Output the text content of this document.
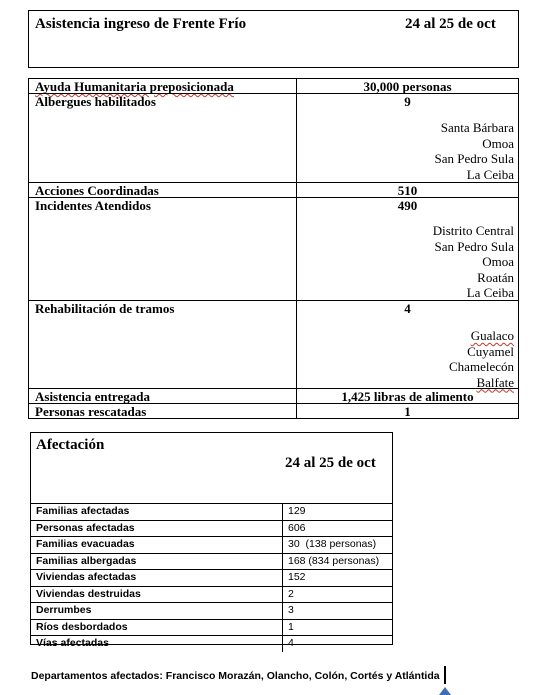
Asistencia ingreso de Frente Frío	24 al 25 de oct
Ayuda Humanitaria preposicionada	30,000 personas
Albergues habilitados	9
Santa Bárbara
Omoa
San Pedro Sula
La Ceiba
Acciones Coordinadas	510
Incidentes Atendidos	490
Distrito Central
San Pedro Sula
Omoa
Roatán
La Ceiba
Rehabilitación de tramos	4
Gualaco
Cuyamel
Chamelecón
Balfate
Asistencia entregada	1,425 libras de alimento
Personas rescatadas	1
Afectación
24 al 25 de oct
Familias afectadas	129
Personas afectadas	606
Familias evacuadas	30  (138 personas)
Familias albergadas	168 (834 personas)
Viviendas afectadas	152
Viviendas destruidas	2
Derrumbes	3
Ríos desbordados	1
Vías afectadas	4
Departamentos afectados: Francisco Morazán, Olancho, Colón, Cortés y Atlántida
